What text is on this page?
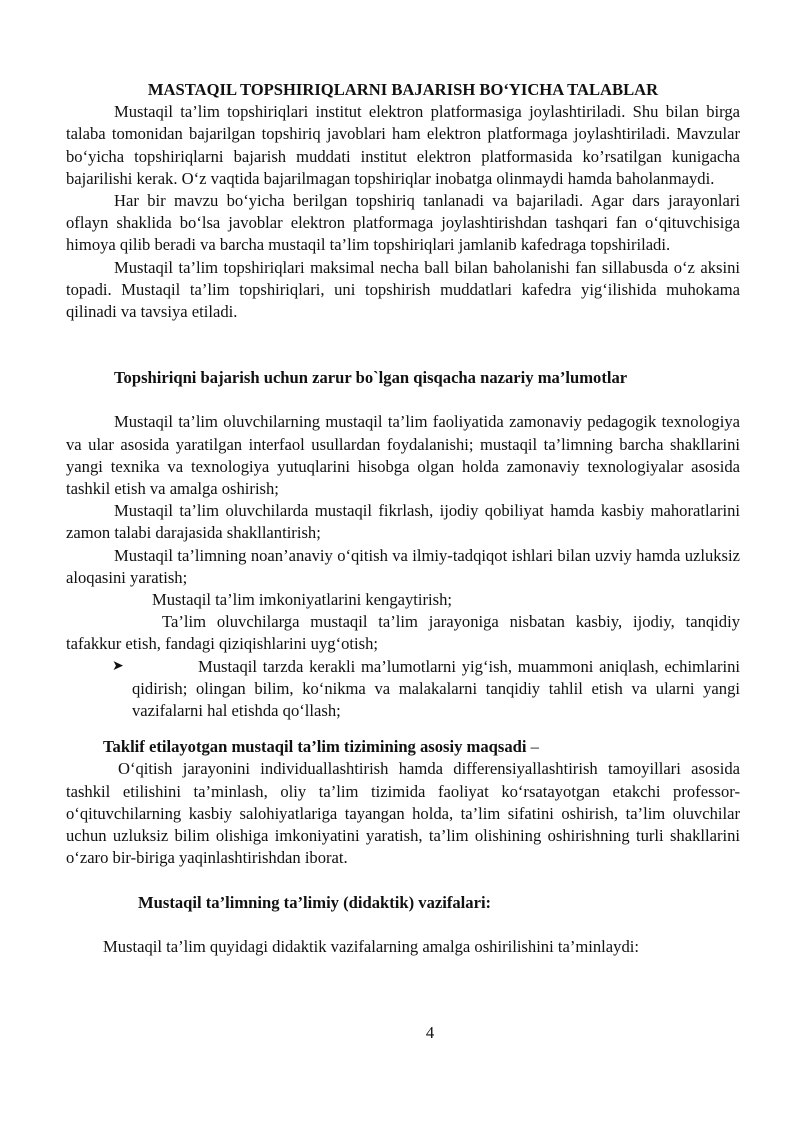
MASTAQIL TOPSHIRIQLARNI BAJARISH BO‘YICHA TALABLAR

Mustaqil ta’lim topshiriqlari institut elektron platformasiga joylashtiriladi. Shu bilan birga talaba tomonidan bajarilgan topshiriq javoblari ham elektron platformaga joylashtiriladi. Mavzular bo‘yicha topshiriqlarni bajarish muddati institut elektron platformasida ko’rsatilgan kunigacha bajarilishi kerak. O‘z vaqtida bajarilmagan topshiriqlar inobatga olinmaydi hamda baholanmaydi.

Har bir mavzu bo‘yicha berilgan topshiriq tanlanadi va bajariladi. Agar dars jarayonlari oflayn shaklida bo‘lsa javoblar elektron platformaga joylashtirishdan tashqari fan o‘qituvchisiga himoya qilib beradi va barcha mustaqil ta’lim topshiriqlari jamlanib kafedraga topshiriladi.

Mustaqil ta’lim topshiriqlari maksimal necha ball bilan baholanishi fan sillabusda o‘z aksini topadi. Mustaqil ta’lim topshiriqlari, uni topshirish muddatlari kafedra yig‘ilishida muhokama qilinadi va tavsiya etiladi.

Topshiriqni bajarish uchun zarur bo`lgan qisqacha nazariy ma’lumotlar

Mustaqil ta’lim oluvchilarning mustaqil ta’lim faoliyatida zamonaviy pedagogik texnologiya va ular asosida yaratilgan interfaol usullardan foydalanishi; mustaqil ta’limning barcha shakllarini yangi texnika va texnologiya yutuqlarini hisobga olgan holda zamonaviy texnologiyalar asosida tashkil etish va amalga oshirish;

Mustaqil ta’lim oluvchilarda mustaqil fikrlash, ijodiy qobiliyat hamda kasbiy mahoratlarini zamon talabi darajasida shakllantirish;

Mustaqil ta’limning noan’anaviy o‘qitish va ilmiy-tadqiqot ishlari bilan uzviy hamda uzluksiz aloqasini yaratish;

Mustaqil ta’lim imkoniyatlarini kengaytirish;

Ta’lim oluvchilarga mustaqil ta’lim jarayoniga nisbatan kasbiy, ijodiy, tanqidiy tafakkur etish, fandagi qiziqishlarini uyg‘otish;

➤	Mustaqil tarzda kerakli ma’lumotlarni yig‘ish, muammoni aniqlash, echimlarini qidirish; olingan bilim, ko‘nikma va malakalarni tanqidiy tahlil etish va ularni yangi vazifalarni hal etishda qo‘llash;

Taklif etilayotgan mustaqil ta’lim tizimining asosiy maqsadi –

O‘qitish jarayonini individuallashtirish hamda differensiyallashtirish tamoyillari asosida tashkil etilishini ta’minlash, oliy ta’lim tizimida faoliyat ko‘rsatayotgan etakchi professor-o‘qituvchilarning kasbiy salohiyatlariga tayangan holda, ta’lim sifatini oshirish, ta’lim oluvchilar uchun uzluksiz bilim olishiga imkoniyatini yaratish, ta’lim olishining oshirishning turli shakllarini o‘zaro bir-biriga yaqinlashtirishdan iborat.

Mustaqil ta’limning ta’limiy (didaktik) vazifalari:

Mustaqil ta’lim quyidagi didaktik vazifalarning amalga oshirilishini ta’minlaydi:

4
